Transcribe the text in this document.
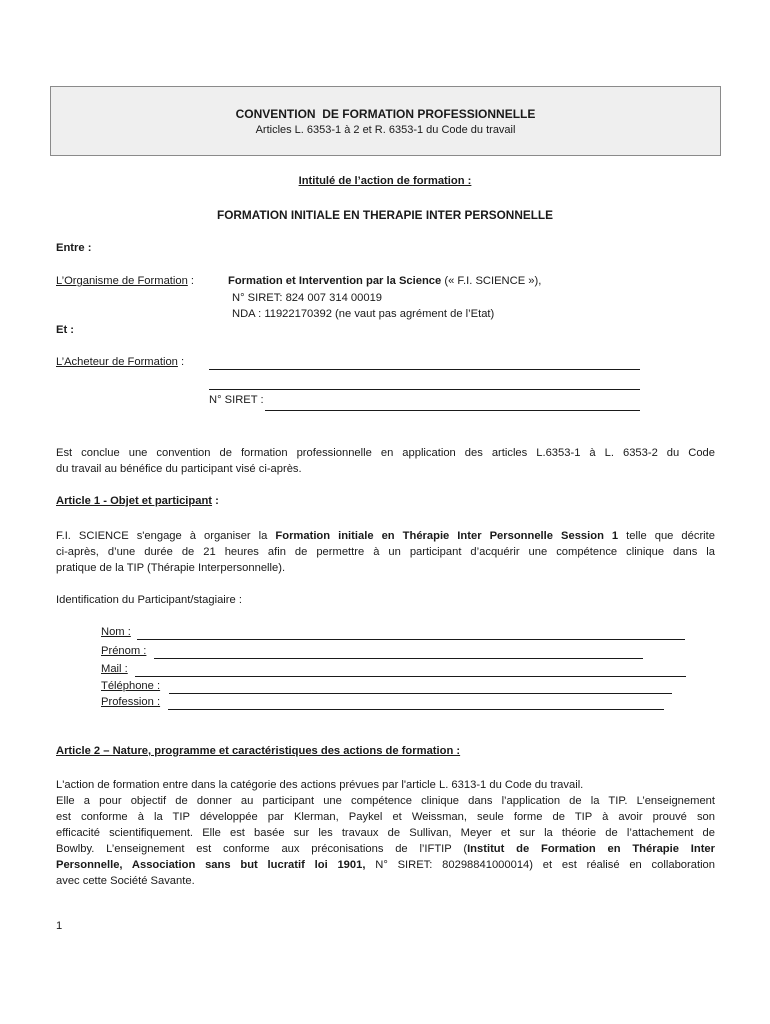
CONVENTION  DE FORMATION PROFESSIONNELLE
Articles L. 6353-1 à 2 et R. 6353-1 du Code du travail
Intitulé de l’action de formation :
FORMATION INITIALE EN THERAPIE INTER PERSONNELLE
Entre :
L’Organisme de Formation :	Formation et Intervention par la Science (« F.I. SCIENCE »),
N° SIRET: 824 007 314 00019
NDA : 11922170392 (ne vaut pas agrément de l’Etat)
Et :
L’Acheteur de Formation :
N° SIRET :
Est conclue une convention de formation professionnelle en application des articles L.6353-1 à L. 6353-2 du Code
du travail au bénéfice du participant visé ci-après.
Article 1 - Objet et participant :
F.I. SCIENCE s'engage à organiser la Formation initiale en Thérapie Inter Personnelle Session 1 telle que décrite
ci-après, d’une durée de 21 heures afin de permettre à un participant d’acquérir une compétence clinique dans la
pratique de la TIP (Thérapie Interpersonnelle).
Identification du Participant/stagiaire :
Nom :
Prénom :
Mail :
Téléphone :
Profession :
Article 2 – Nature, programme et caractéristiques des actions de formation :
L'action de formation entre dans la catégorie des actions prévues par l'article L. 6313-1 du Code du travail.
Elle a pour objectif de donner au participant une compétence clinique dans l’application de la TIP. L’enseignement
est conforme à la TIP développée par Klerman, Paykel et Weissman, seule forme de TIP à avoir prouvé son
efficacité scientifiquement. Elle est basée sur les travaux de Sullivan, Meyer et sur la théorie de l’attachement de
Bowlby. L’enseignement est conforme aux préconisations de l’IFTIP (Institut de Formation en Thérapie Inter
Personnelle, Association sans but lucratif loi 1901, N° SIRET: 80298841000014) et est réalisé en collaboration
avec cette Société Savante.
1
